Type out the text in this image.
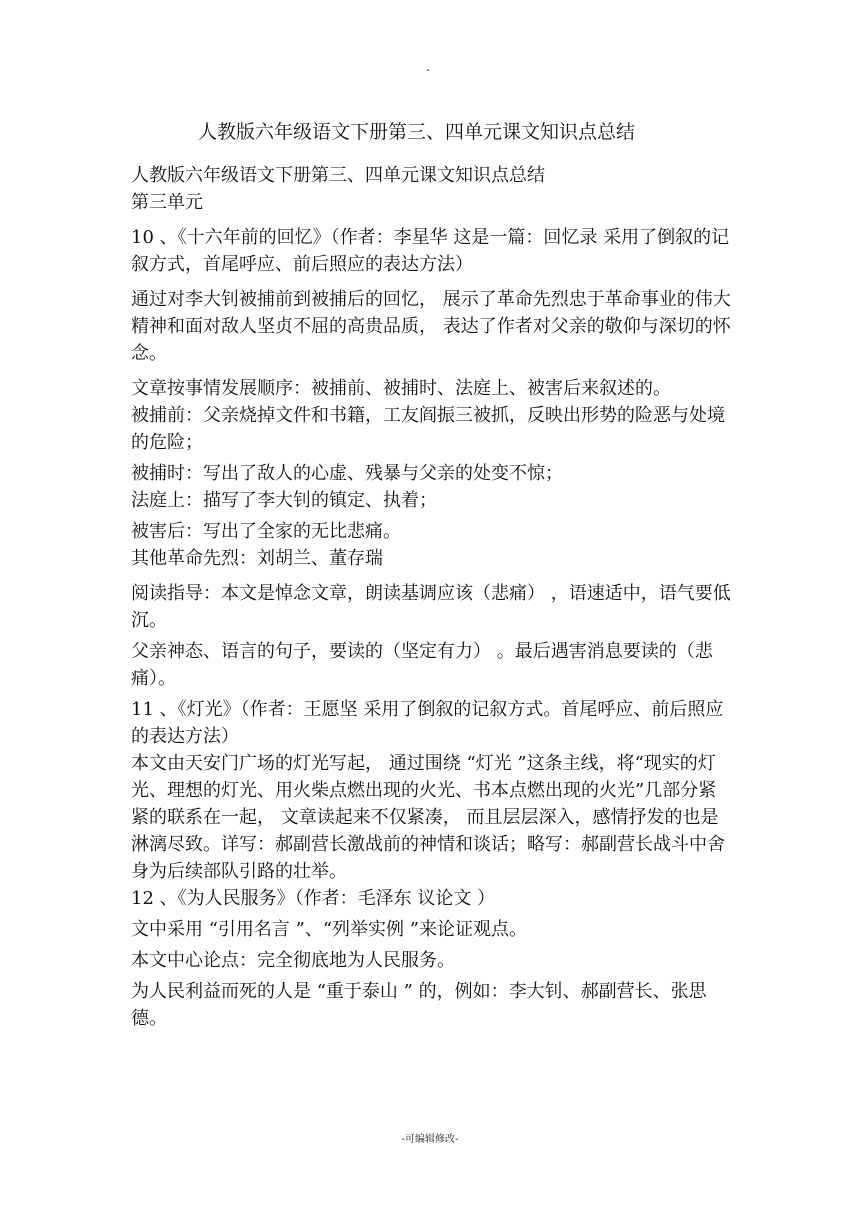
.
人教版六年级语文下册第三、四单元课文知识点总结

人教版六年级语文下册第三、四单元课文知识点总结

第三单元

10 、《十六年前的回忆》（作者：李星华 这是一篇：回忆录 采用了倒叙的记叙方式，首尾呼应、前后照应的表达方法）

通过对李大钊被捕前到被捕后的回忆， 展示了革命先烈忠于革命事业的伟大精神和面对敌人坚贞不屈的高贵品质， 表达了作者对父亲的敬仰与深切的怀念。

文章按事情发展顺序：被捕前、被捕时、法庭上、被害后来叙述的。

被捕前：父亲烧掉文件和书籍，工友阎振三被抓，反映出形势的险恶与处境的危险；

被捕时：写出了敌人的心虚、残暴与父亲的处变不惊；

法庭上：描写了李大钊的镇定、执着；

被害后：写出了全家的无比悲痛。

其他革命先烈：刘胡兰、董存瑞

阅读指导：本文是悼念文章，朗读基调应该（悲痛） ，语速适中，语气要低沉。

父亲神态、语言的句子，要读的（坚定有力） 。最后遇害消息要读的（悲痛）。

11 、《灯光》（作者：王愿坚 采用了倒叙的记叙方式。首尾呼应、前后照应的表达方法）

本文由天安门广场的灯光写起， 通过围绕 “灯光 ”这条主线，将“现实的灯光、理想的灯光、用火柴点燃出现的火光、书本点燃出现的火光”几部分紧紧的联系在一起， 文章读起来不仅紧凑， 而且层层深入，感情抒发的也是淋漓尽致。详写：郝副营长激战前的神情和谈话；略写：郝副营长战斗中舍身为后续部队引路的壮举。

12 、《为人民服务》（作者：毛泽东 议论文 ）

文中采用 “引用名言 ”、“列举实例 ”来论证观点。

本文中心论点：完全彻底地为人民服务。

为人民利益而死的人是 “重于泰山 ” 的，例如：李大钊、郝副营长、张思德。

-可编辑修改-
